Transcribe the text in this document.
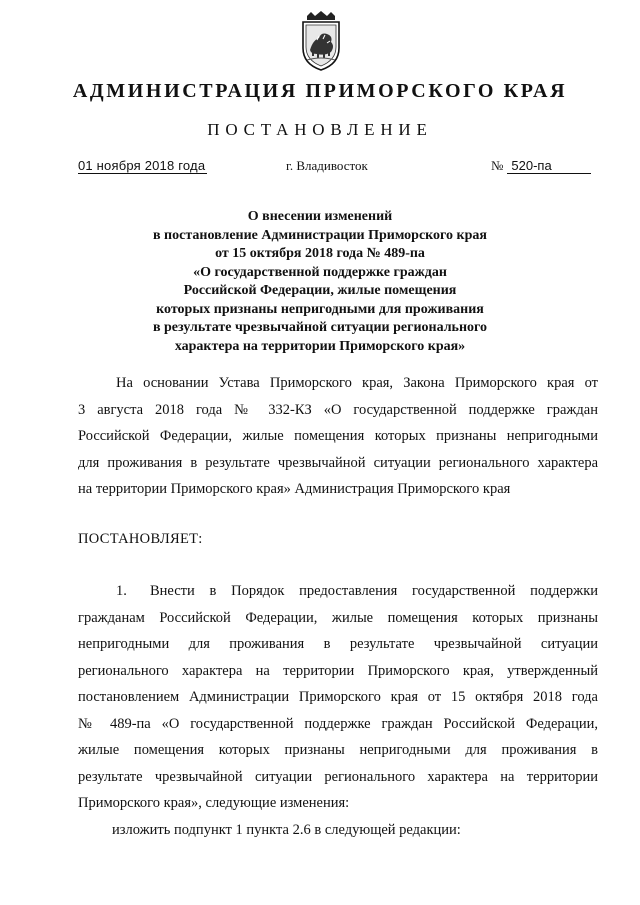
АДМИНИСТРАЦИЯ ПРИМОРСКОГО КРАЯ
ПОСТАНОВЛЕНИЕ
01 ноября 2018 года	г. Владивосток	№ 520-па
О внесении изменений
в постановление Администрации Приморского края
от 15 октября 2018 года № 489-па
«О государственной поддержке граждан
Российской Федерации, жилые помещения
которых признаны непригодными для проживания
в результате чрезвычайной ситуации регионального
характера на территории Приморского края»
На основании Устава Приморского края, Закона Приморского края от
3 августа 2018 года № 332-КЗ «О государственной поддержке граждан
Российской Федерации, жилые помещения которых признаны непригодными
для проживания в результате чрезвычайной ситуации регионального характера
на территории Приморского края» Администрация Приморского края
ПОСТАНОВЛЯЕТ:
1. Внести в Порядок предоставления государственной поддержки
гражданам Российской Федерации, жилые помещения которых признаны
непригодными для проживания в результате чрезвычайной ситуации
регионального характера на территории Приморского края, утвержденный
постановлением Администрации Приморского края от 15 октября 2018 года
№ 489-па «О государственной поддержке граждан Российской Федерации,
жилые помещения которых признаны непригодными для проживания в
результате чрезвычайной ситуации регионального характера на территории
Приморского края», следующие изменения:
изложить подпункт 1 пункта 2.6 в следующей редакции:
